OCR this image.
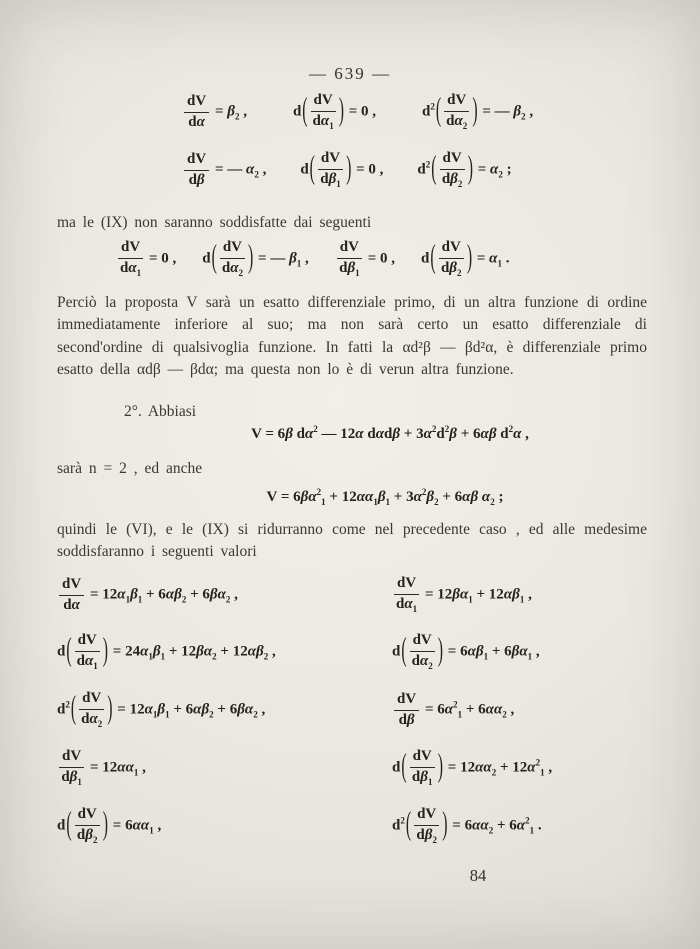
— 639 —
$\frac{dV}{d\alpha} = \beta_2$ ,	$d( \frac{dV}{d\alpha_1}$ ) = 0 ,	$d^2( \frac{dV}{d\alpha_2}$ ) = — $\beta_2$ ,
$\frac{dV}{d\beta}$ = — $\alpha_2$ , $d( \frac{dV}{d\beta_1}$ ) = 0 , $d^2( \frac{dV}{d\beta_2}$ ) = $\alpha_2$ ;
ma le (IX) non saranno soddisfatte dai seguenti
$\frac{dV}{d\alpha_1} = 0$ , $d( \frac{dV}{d\alpha_2}$ ) = — $\beta_1$ , $\frac{dV}{d\beta_1} = 0$ , $d( \frac{dV}{d\beta_2}$ ) = $\alpha_1$ .
Perciò la proposta V sarà un esatto differenziale primo, di un altra funzione di ordine immediatamente inferiore al suo; ma non sarà certo un esatto differenziale di second'ordine di qualsivoglia funzione. In fatti la αd²β — βd²α, è differenziale primo esatto della αdβ — βdα; ma questa non lo è di verun altra funzione.
2°. Abbiasi
V = 6β $d\alpha^2$ — 12α $d\alpha d\beta + 3\alpha^2d^2\beta + 6\alpha\beta$ $d^2\alpha$ ,
sarà n = 2 , ed anche
$V = 6\beta\alpha^2_1 + 12\alpha\alpha_1\beta_1 + 3\alpha^2\beta_2 + 6\alpha\beta$ $\alpha_2$ ;
quindi le (VI), e le (IX) si ridurranno come nel precedente caso , ed alle medesime soddisfaranno i seguenti valori
$\frac{dV}{d\alpha} = 12\alpha_1\beta_1 + 6\alpha\beta_2 + 6\beta\alpha_2$ ,	$\frac{dV}{d\alpha_1} = 12\beta\alpha_1 + 12\alpha\beta_1$ ,
$d( \frac{dV}{d\alpha_1}$ ) = $24\alpha_1\beta_1 + 12\beta\alpha_2 + 12\alpha\beta_2$ ,	$d( \frac{dV}{d\alpha_2}$ ) = $6\alpha\beta_1 + 6\beta\alpha_1$ ,
$d^2( \frac{dV}{d\alpha_2}$ ) = $12\alpha_1\beta_1 + 6\alpha\beta_2 + 6\beta\alpha_2$ ,	$\frac{dV}{d\beta} = 6\alpha^2_1 + 6\alpha\alpha_2$ ,
$\frac{dV}{d\beta_1} = 12\alpha\alpha_1$ ,	$d( \frac{dV}{d\beta_1}$ ) = $12\alpha\alpha_2 + 12\alpha^2_1$ ,
$d( \frac{dV}{d\beta_2}$ ) = $6\alpha\alpha_1$ ,	$d^2( \frac{dV}{d\beta_2}$ ) = $6\alpha\alpha_2 + 6\alpha^2_1$ .
84
